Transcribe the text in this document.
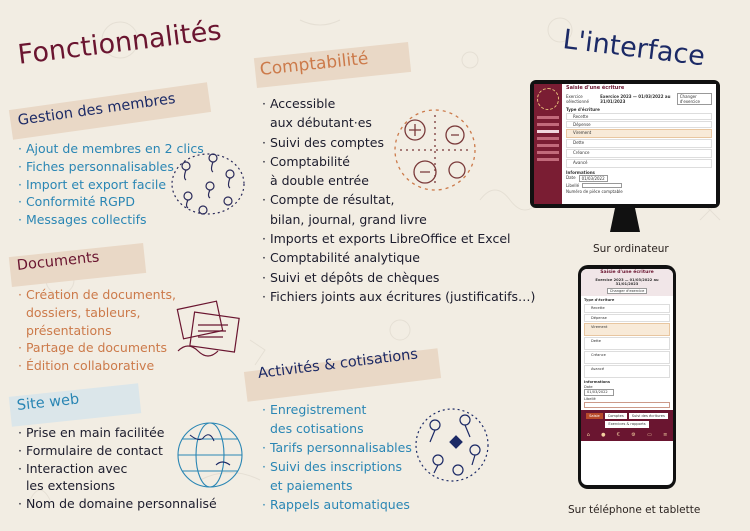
Fonctionnalités	L'interface
Gestion des membres
· Ajout de membres en 2 clics
· Fiches personnalisables
· Import et export facile
· Conformité RGPD
· Messages collectifs
Documents
· Création de documents,
dossiers, tableurs,
présentations
· Partage de documents
· Édition collaborative
Site web
· Prise en main facilitée
· Formulaire de contact
· Interaction avec
les extensions
· Nom de domaine personnalisé
Comptabilité
· Accessible
aux débutant·es
· Suivi des comptes
· Comptabilité
à double entrée
· Compte de résultat,
bilan, journal, grand livre
· Imports et exports LibreOffice et Excel
· Comptabilité analytique
· Suivi et dépôts de chèques
· Fichiers joints aux écritures (justificatifs…)
Activités & cotisations
· Enregistrement
des cotisations
· Tarifs personnalisables
· Suivi des inscriptions
et paiements
· Rappels automatiques
Saisie d'une écriture
Exercice sélectionné
Exercice 2023 — 01/03/2022 au 31/01/2023
Changer d'exercice
Type d'écriture
Recette
Dépense
Virement
Dette
Créance
Avancé
Informations
Date	01/03/2022
Libellé
Numéro de pièce comptable
Sur ordinateur
Saisie d'une écriture
Exercice 2023 — 01/03/2022 au 31/01/2023
Changer d'exercice
Type d'écriture
Recette
Dépense
Virement
Dette
Créance
Avancé
Informations
Date
01/03/2022
Libellé
Saisie	Comptes	Suivi des écritures
Exercices & rapports
⌂ ● € ⚙ ▭ ≡
Sur téléphone et tablette
